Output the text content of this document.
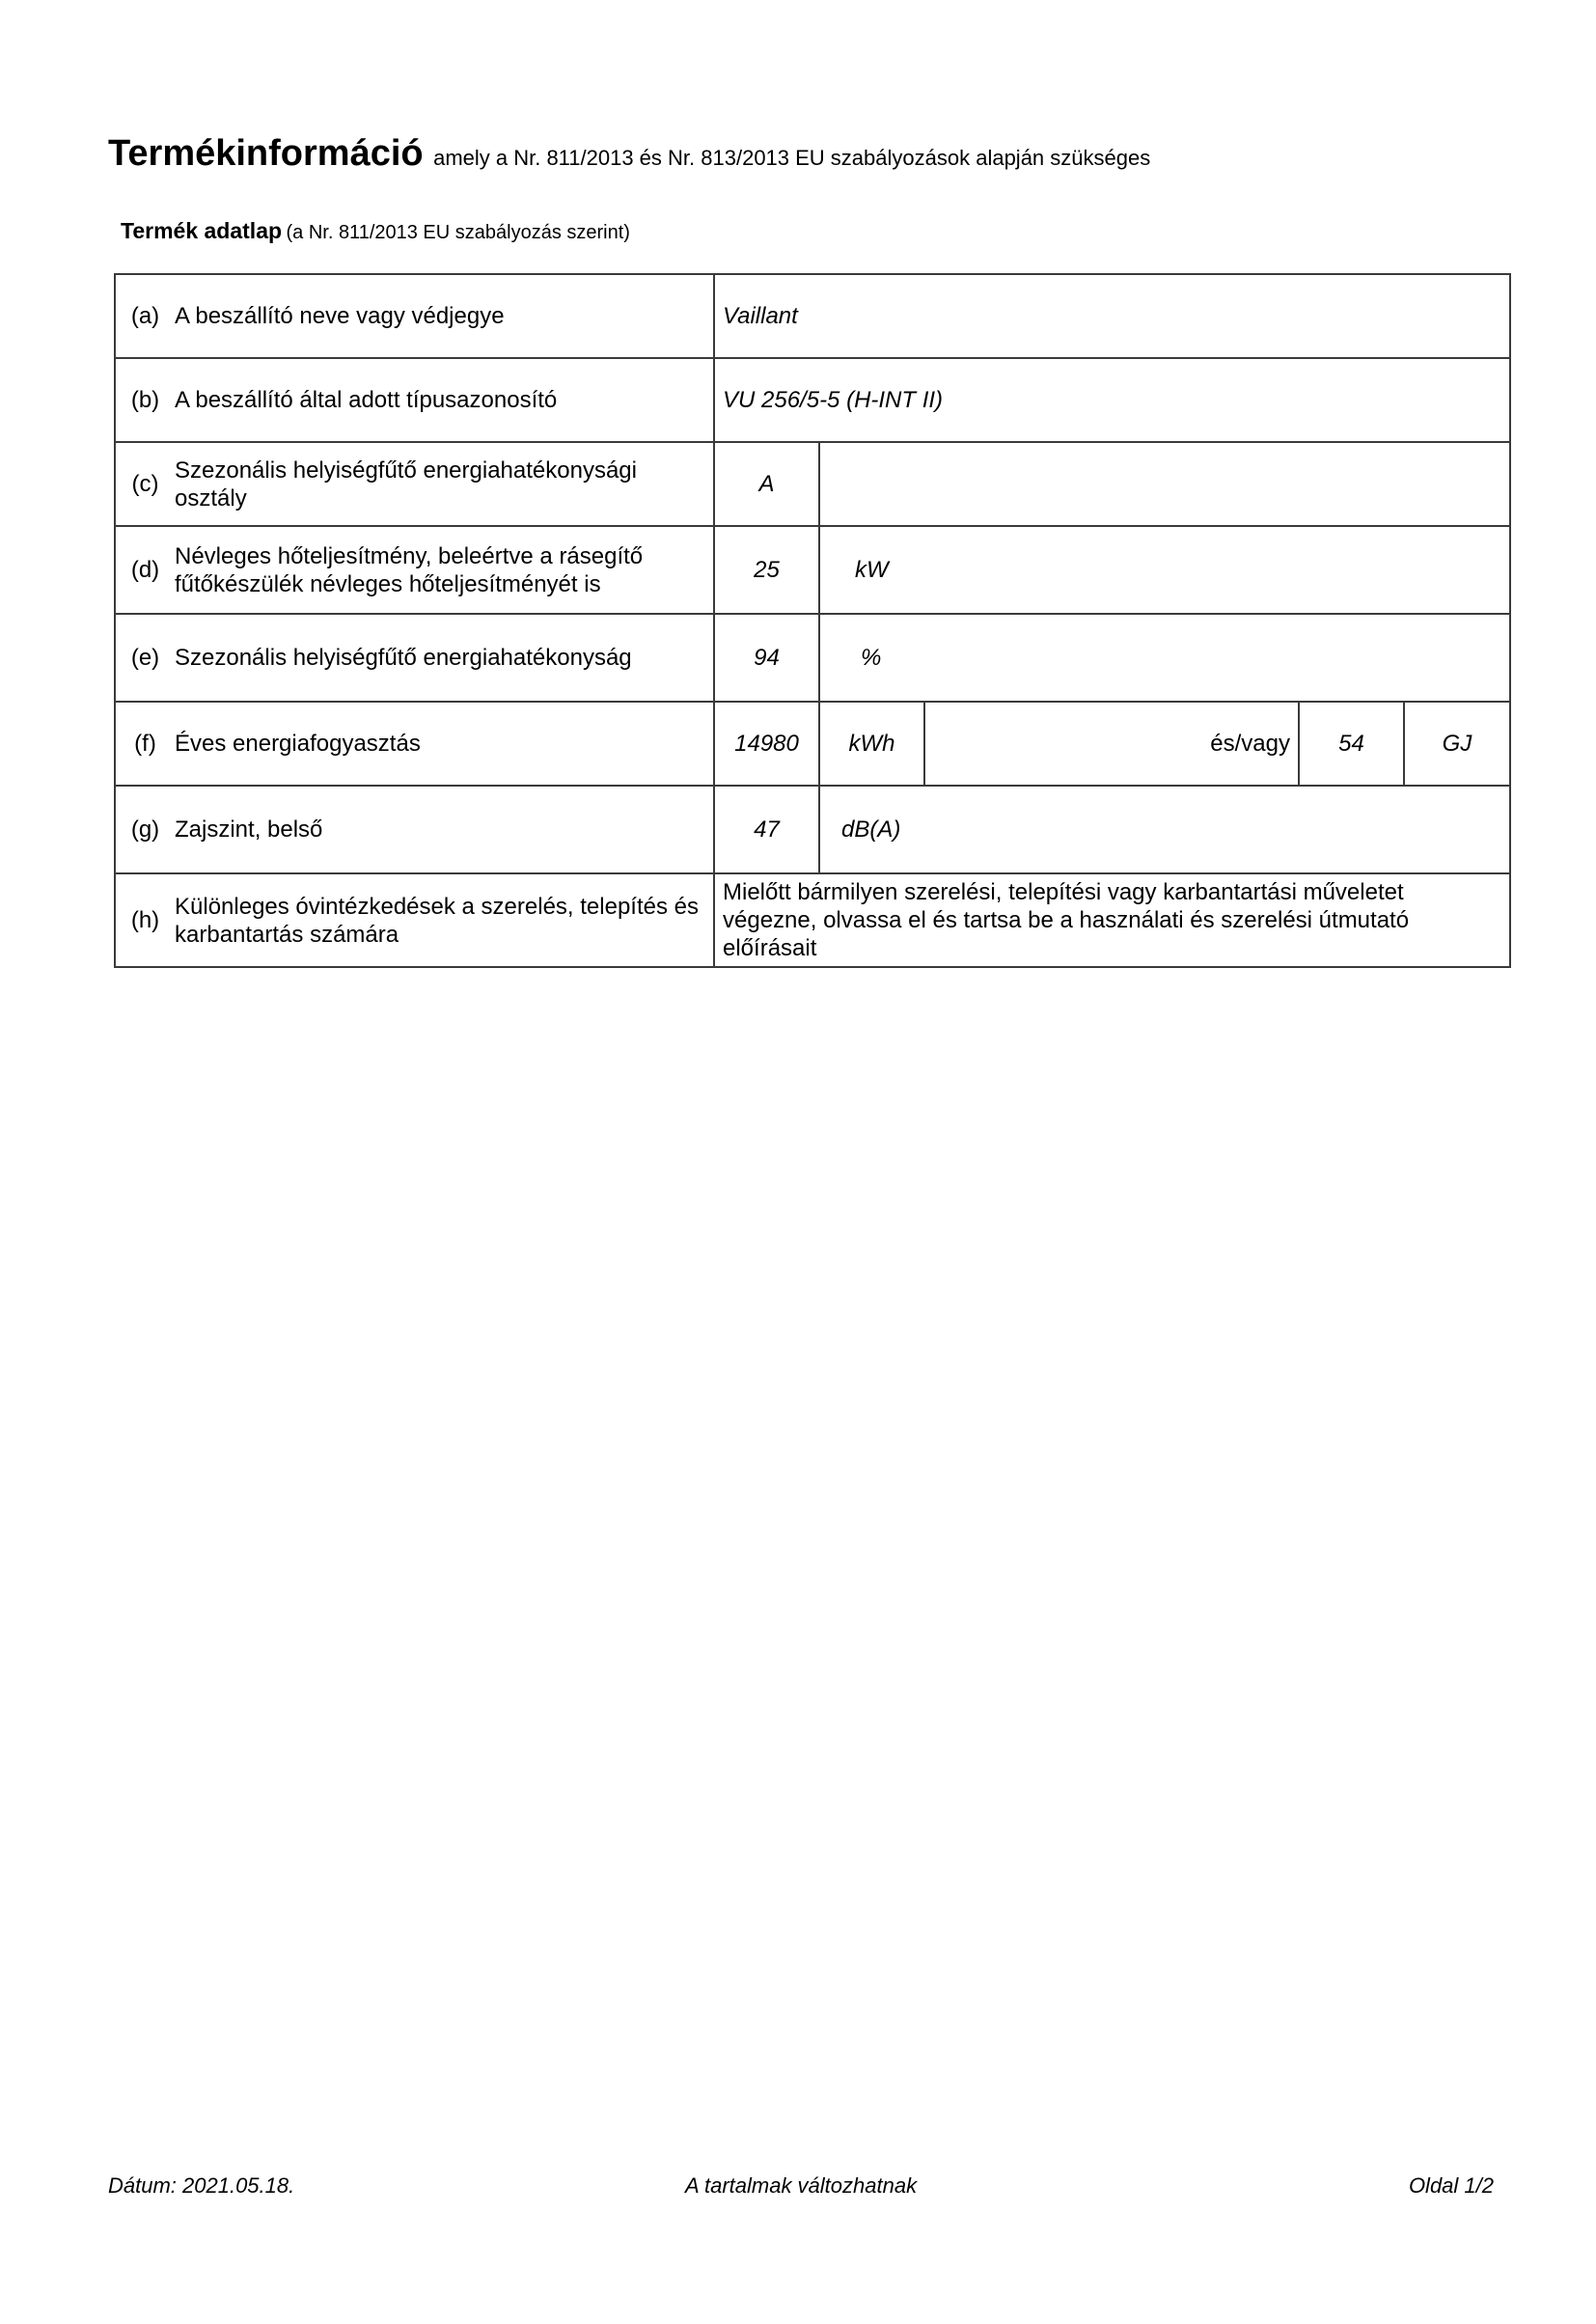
Termékinformáció amely a Nr. 811/2013 és Nr. 813/2013 EU szabályozások alapján szükséges
Termék adatlap (a Nr. 811/2013 EU szabályozás szerint)
(a)	A beszállító neve vagy védjegye	Vaillant				
(b)	A beszállító által adott típusazonosító	VU 256/5-5 (H-INT II)				
(c)	Szezonális helyiségfűtő energiahatékonysági osztály	A				
(d)	Névleges hőteljesítmény, beleértve a rásegítő fűtőkészülék névleges hőteljesítményét is	25	kW			
(e)	Szezonális helyiségfűtő energiahatékonyság	94	%			
(f)	Éves energiafogyasztás	14980	kWh	és/vagy	54	GJ
(g)	Zajszint, belső	47	dB(A)			
(h)	Különleges óvintézkedések a szerelés, telepítés és karbantartás számára	Mielőtt bármilyen szerelési, telepítési vagy karbantartási műveletet végezne, olvassa el és tartsa be a használati és szerelési útmutató előírásait				
Dátum: 2021.05.18.	A tartalmak változhatnak	Oldal 1/2
